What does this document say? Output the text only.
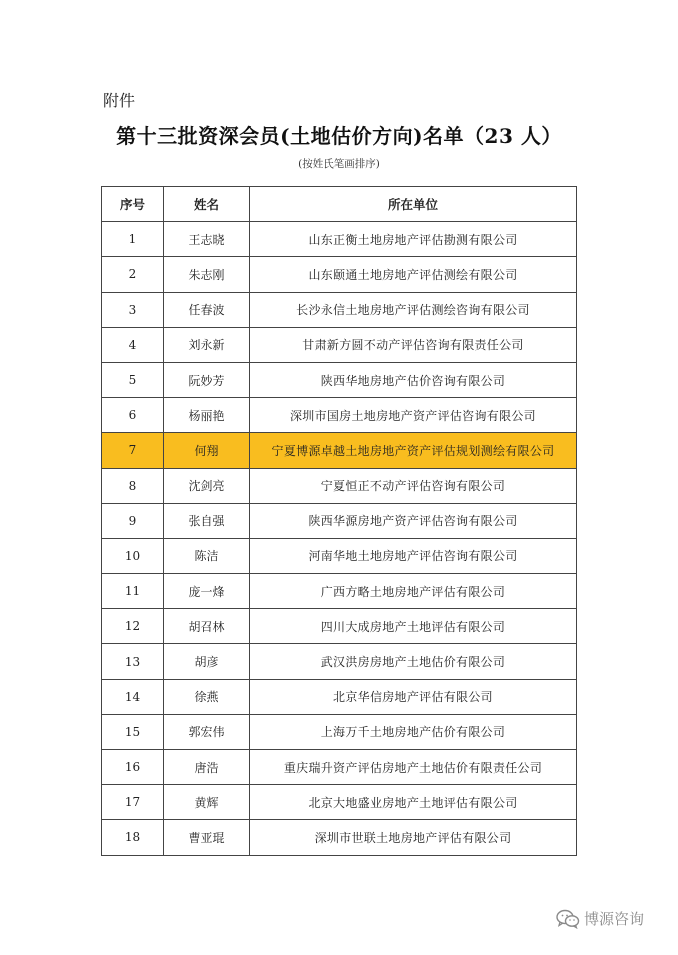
附件
第十三批资深会员(土地估价方向)名单（23 人）
(按姓氏笔画排序)
序号	姓名	所在单位
1	王志晓	山东正衡土地房地产评估勘测有限公司
2	朱志刚	山东颐通土地房地产评估测绘有限公司
3	任春波	长沙永信土地房地产评估测绘咨询有限公司
4	刘永新	甘肃新方圆不动产评估咨询有限责任公司
5	阮妙芳	陕西华地房地产估价咨询有限公司
6	杨丽艳	深圳市国房土地房地产资产评估咨询有限公司
7	何翔	宁夏博源卓越土地房地产资产评估规划测绘有限公司
8	沈剑亮	宁夏恒正不动产评估咨询有限公司
9	张自强	陕西华源房地产资产评估咨询有限公司
10	陈洁	河南华地土地房地产评估咨询有限公司
11	庞一烽	广西方略土地房地产评估有限公司
12	胡召林	四川大成房地产土地评估有限公司
13	胡彦	武汉洪房房地产土地估价有限公司
14	徐燕	北京华信房地产评估有限公司
15	郭宏伟	上海万千土地房地产估价有限公司
16	唐浩	重庆瑞升资产评估房地产土地估价有限责任公司
17	黄辉	北京大地盛业房地产土地评估有限公司
18	曹亚琨	深圳市世联土地房地产评估有限公司
博源咨询
